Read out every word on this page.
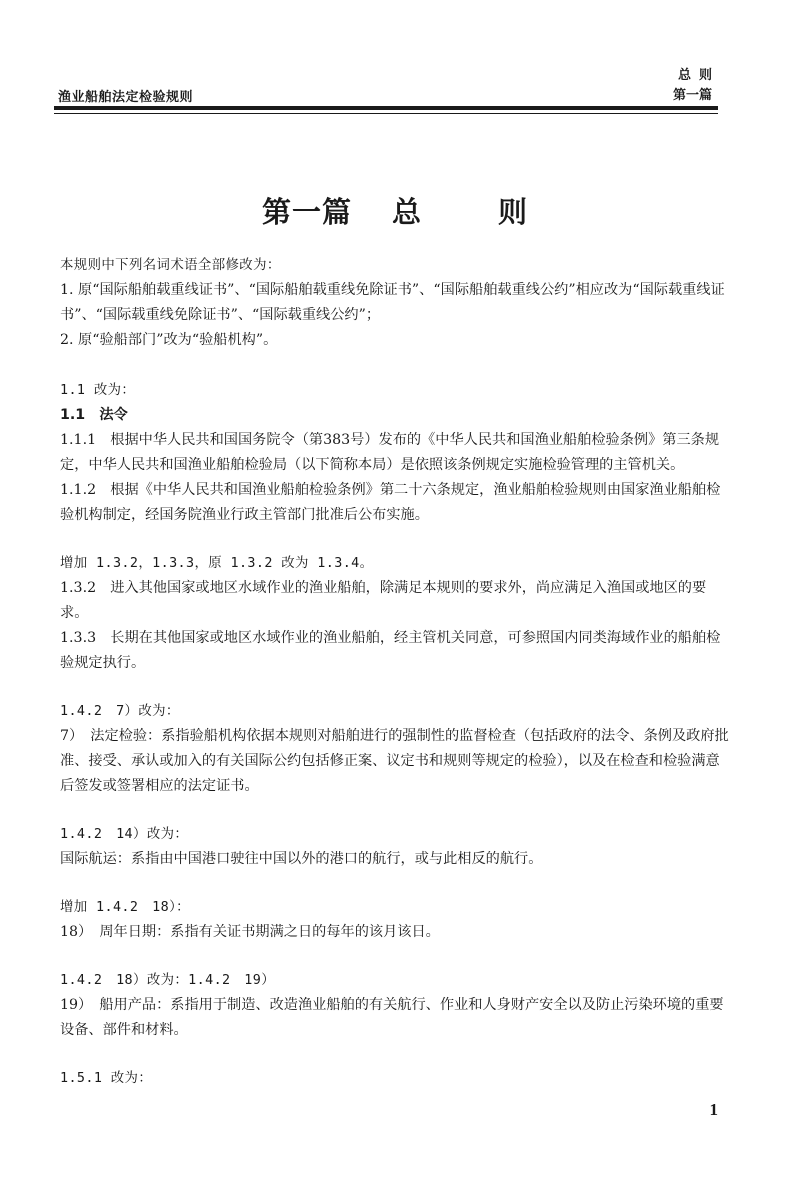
渔业船舶法定检验规则
总则
第一篇
第一篇 总	则

本规则中下列名词术语全部修改为：

1. 原“国际船舶载重线证书”、“国际船舶载重线免除证书”、“国际船舶载重线公约”相应改为“国际载重线证书”、“国际载重线免除证书”、“国际载重线公约”；

2. 原“验船部门”改为“验船机构”。

1.1 改为：

1.1　法令

1.1.1　根据中华人民共和国国务院令（第383号）发布的《中华人民共和国渔业船舶检验条例》第三条规定，中华人民共和国渔业船舶检验局（以下简称本局）是依照该条例规定实施检验管理的主管机关。

1.1.2　根据《中华人民共和国渔业船舶检验条例》第二十六条规定，渔业船舶检验规则由国家渔业船舶检验机构制定，经国务院渔业行政主管部门批准后公布实施。

增加 1.3.2，1.3.3，原 1.3.2 改为 1.3.4。

1.3.2　进入其他国家或地区水域作业的渔业船舶，除满足本规则的要求外，尚应满足入渔国或地区的要求。

1.3.3　长期在其他国家或地区水域作业的渔业船舶，经主管机关同意，可参照国内同类海域作业的船舶检验规定执行。

1.4.2　7）改为：

7）　法定检验：系指验船机构依据本规则对船舶进行的强制性的监督检查（包括政府的法令、条例及政府批准、接受、承认或加入的有关国际公约包括修正案、议定书和规则等规定的检验），以及在检查和检验满意后签发或签署相应的法定证书。

1.4.2　14）改为：

国际航运：系指由中国港口驶往中国以外的港口的航行，或与此相反的航行。

增加 1.4.2　18）：

18）　周年日期：系指有关证书期满之日的每年的该月该日。

1.4.2　18）改为：1.4.2　19）

19）　船用产品：系指用于制造、改造渔业船舶的有关航行、作业和人身财产安全以及防止污染环境的重要设备、部件和材料。

1.5.1 改为：

1
